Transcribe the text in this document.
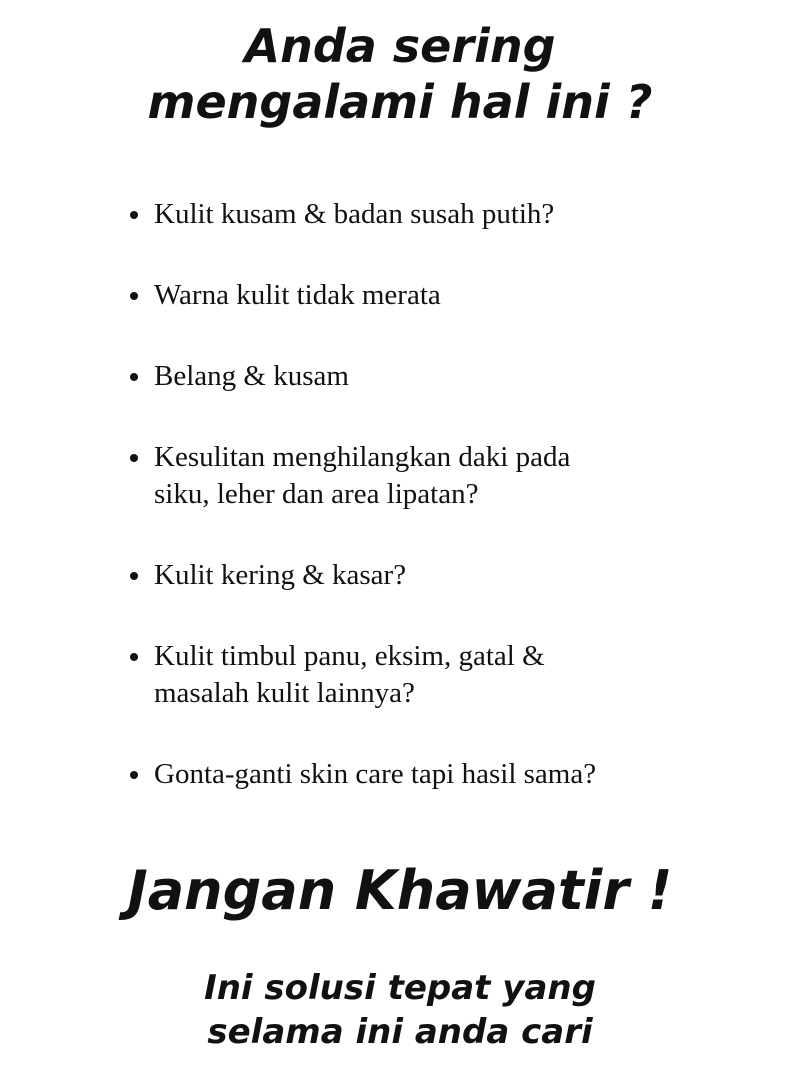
Anda sering
mengalami hal ini ?
Kulit kusam & badan susah putih?
Warna kulit tidak merata
Belang & kusam
Kesulitan menghilangkan daki pada
siku, leher dan area lipatan?
Kulit kering & kasar?
Kulit timbul panu, eksim, gatal &
masalah kulit lainnya?
Gonta-ganti skin care tapi hasil sama?
Jangan Khawatir !

Ini solusi tepat yang
selama ini anda cari
